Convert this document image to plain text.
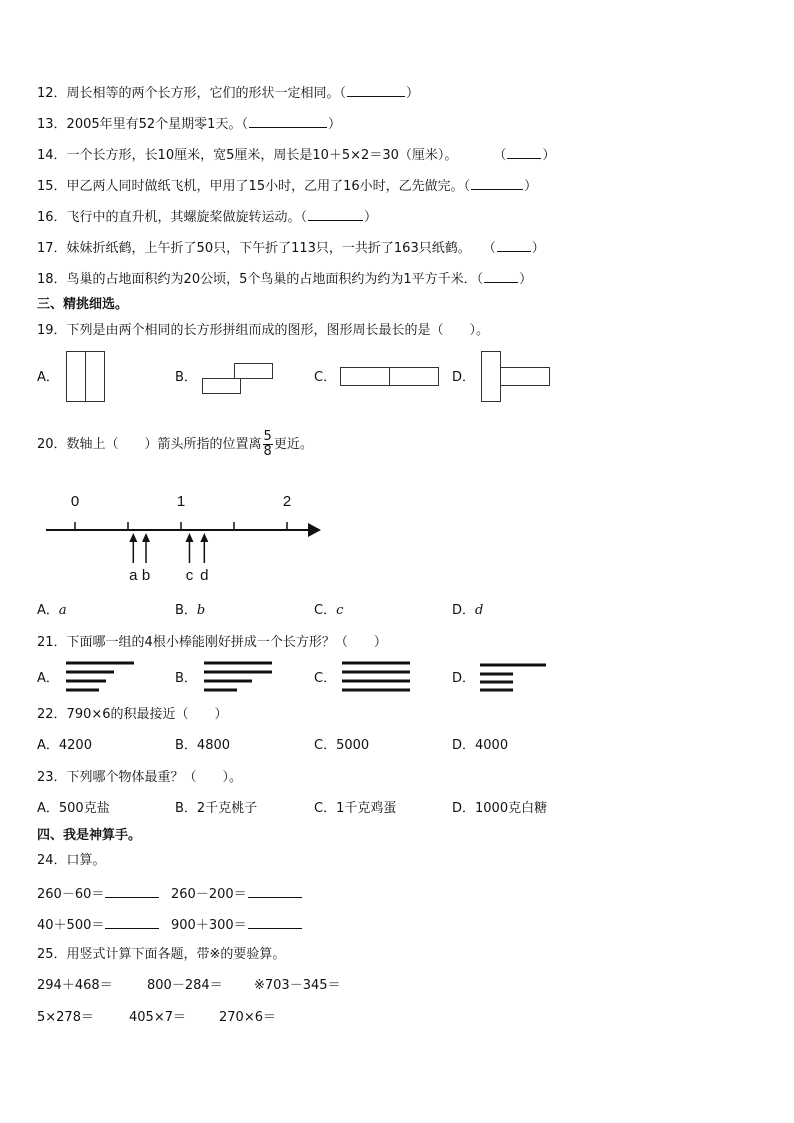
12．周长相等的两个长方形，它们的形状一定相同。（	）
13．2005年里有52个星期零1天。（	）
14．一个长方形，长10厘米，宽5厘米，周长是10＋5×2＝30（厘米）。	（	）
15．甲乙两人同时做纸飞机，甲用了15小时，乙用了16小时，乙先做完。（	）
16．飞行中的直升机，其螺旋桨做旋转运动。（	）
17．妹妹折纸鹤，上午折了50只，下午折了113只，一共折了163只纸鹤。 （	）
18．鸟巢的占地面积约为20公顷，5个鸟巢的占地面积约为约为1平方千米．（	）
三、精挑细选。
19．下列是由两个相同的长方形拼组而成的图形，图形周长最长的是（　　）。
A．	B．	C．	D．
20．数轴上（　　）箭头所指的位置离 $\frac{5}{8}$ 更近。
0	1	2
a b c d
A．a	B．b	C．c	D．d
21．下面哪一组的4根小棒能刚好拼成一个长方形？（　　）
A．	B．	C．	D．
22．790×6的积最接近（　　）
A．4200	B．4800	C．5000	D．4000
23．下列哪个物体最重？（　　）。
A．500克盐	B．2千克桃子	C．1千克鸡蛋	D．1000克白糖
四、我是神算手。
24．口算。
260－60＝	260－200＝
40＋500＝	900＋300＝
25．用竖式计算下面各题，带※的要验算。
294＋468＝	800－284＝ ※703－345＝
5×278＝	405×7＝	270×6＝
